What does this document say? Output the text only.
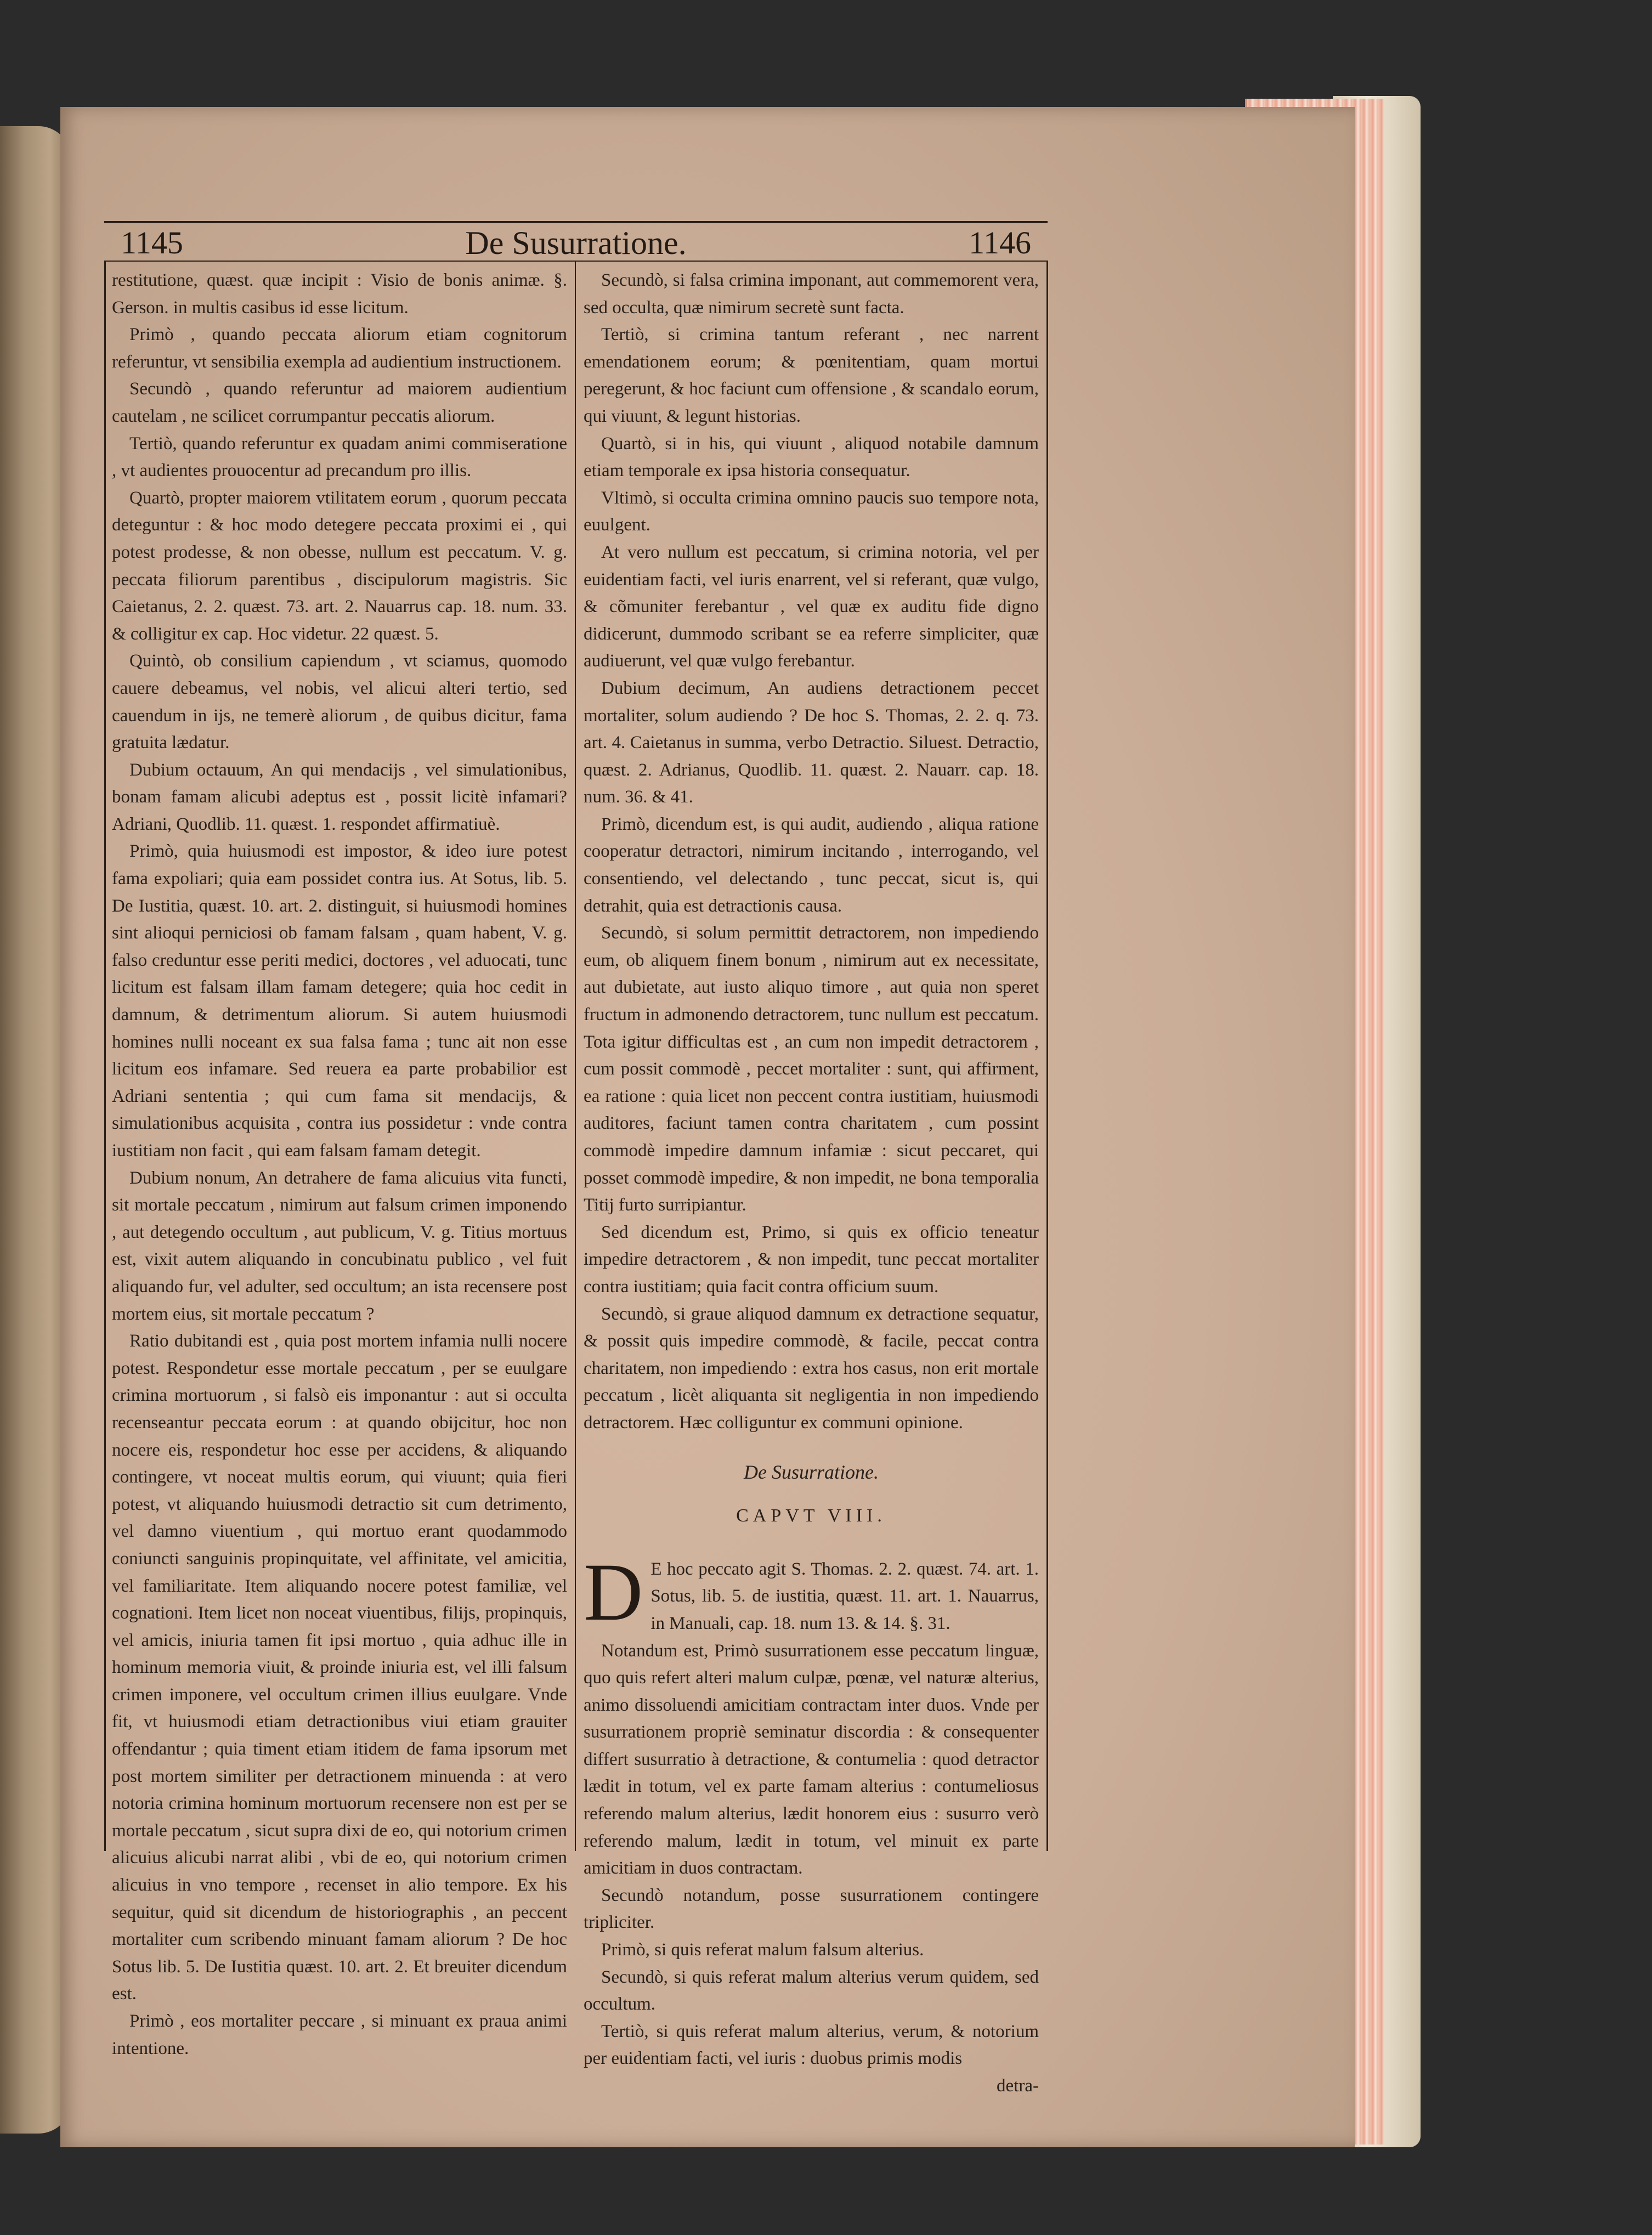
1145	De Susurratione.	1146

restitutione, quæst. quæ incipit : Visio de bonis animæ. §. Gerson. in multis casibus id esse licitum.

Primò , quando peccata aliorum etiam cognitorum referuntur, vt sensibilia exempla ad audientium instructionem.

Secundò , quando referuntur ad maiorem audientium cautelam , ne scilicet corrumpantur peccatis aliorum.

Tertiò, quando referuntur ex quadam animi commiseratione , vt audientes prouocentur ad precandum pro illis.

Quartò, propter maiorem vtilitatem eorum , quorum peccata deteguntur : & hoc modo detegere peccata proximi ei , qui potest prodesse, & non obesse, nullum est peccatum. V. g. peccata filiorum parentibus , discipulorum magistris. Sic Caietanus, 2. 2. quæst. 73. art. 2. Nauarrus cap. 18. num. 33. & colligitur ex cap. Hoc videtur. 22 quæst. 5.

Quintò, ob consilium capiendum , vt sciamus, quomodo cauere debeamus, vel nobis, vel alicui alteri tertio, sed cauendum in ijs, ne temerè aliorum , de quibus dicitur, fama gratuita lædatur.

Dubium octauum, An qui mendacijs , vel simulationibus, bonam famam alicubi adeptus est , possit licitè infamari? Adriani, Quodlib. 11. quæst. 1. respondet affirmatiuè.

Primò, quia huiusmodi est impostor, & ideo iure potest fama expoliari; quia eam possidet contra ius. At Sotus, lib. 5. De Iustitia, quæst. 10. art. 2. distinguit, si huiusmodi homines sint alioqui perniciosi ob famam falsam , quam habent, V. g. falso creduntur esse periti medici, doctores , vel aduocati, tunc licitum est falsam illam famam detegere; quia hoc cedit in damnum, & detrimentum aliorum. Si autem huiusmodi homines nulli noceant ex sua falsa fama ; tunc ait non esse licitum eos infamare. Sed reuera ea parte probabilior est Adriani sententia ; qui cum fama sit mendacijs, & simulationibus acquisita , contra ius possidetur : vnde contra iustitiam non facit , qui eam falsam famam detegit.

Dubium nonum, An detrahere de fama alicuius vita functi, sit mortale peccatum , nimirum aut falsum crimen imponendo , aut detegendo occultum , aut publicum, V. g. Titius mortuus est, vixit autem aliquando in concubinatu publico , vel fuit aliquando fur, vel adulter, sed occultum; an ista recensere post mortem eius, sit mortale peccatum ?

Ratio dubitandi est , quia post mortem infamia nulli nocere potest. Respondetur esse mortale peccatum , per se euulgare crimina mortuorum , si falsò eis imponantur : aut si occulta recenseantur peccata eorum : at quando obijcitur, hoc non nocere eis, respondetur hoc esse per accidens, & aliquando contingere, vt noceat multis eorum, qui viuunt; quia fieri potest, vt aliquando huiusmodi detractio sit cum detrimento, vel damno viuentium , qui mortuo erant quodammodo coniuncti sanguinis propinquitate, vel affinitate, vel amicitia, vel familiaritate. Item aliquando nocere potest familiæ, vel cognationi. Item licet non noceat viuentibus, filijs, propinquis, vel amicis, iniuria tamen fit ipsi mortuo , quia adhuc ille in hominum memoria viuit, & proinde iniuria est, vel illi falsum crimen imponere, vel occultum crimen illius euulgare. Vnde fit, vt huiusmodi etiam detractionibus viui etiam grauiter offendantur ; quia timent etiam itidem de fama ipsorum met post mortem similiter per detractionem minuenda : at vero notoria crimina hominum mortuorum recensere non est per se mortale peccatum , sicut supra dixi de eo, qui notorium crimen alicuius alicubi narrat alibi , vbi de eo, qui notorium crimen alicuius in vno tempore , recenset in alio tempore. Ex his sequitur, quid sit dicendum de historiographis , an peccent mortaliter cum scribendo minuant famam aliorum ? De hoc Sotus lib. 5. De Iustitia quæst. 10. art. 2. Et breuiter dicendum est.

Primò , eos mortaliter peccare , si minuant ex praua animi intentione.

Secundò, si falsa crimina imponant, aut commemorent vera, sed occulta, quæ nimirum secretè sunt facta.

Tertiò, si crimina tantum referant , nec narrent emendationem eorum; & pœnitentiam, quam mortui peregerunt, & hoc faciunt cum offensione , & scandalo eorum, qui viuunt, & legunt historias.

Quartò, si in his, qui viuunt , aliquod notabile damnum etiam temporale ex ipsa historia consequatur.

Vltimò, si occulta crimina omnino paucis suo tempore nota, euulgent.

At vero nullum est peccatum, si crimina notoria, vel per euidentiam facti, vel iuris enarrent, vel si referant, quæ vulgo, & cõmuniter ferebantur , vel quæ ex auditu fide digno didicerunt, dummodo scribant se ea referre simpliciter, quæ audiuerunt, vel quæ vulgo ferebantur.

Dubium decimum, An audiens detractionem peccet mortaliter, solum audiendo ? De hoc S. Thomas, 2. 2. q. 73. art. 4. Caietanus in summa, verbo Detractio. Siluest. Detractio, quæst. 2. Adrianus, Quodlib. 11. quæst. 2. Nauarr. cap. 18. num. 36. & 41.

Primò, dicendum est, is qui audit, audiendo , aliqua ratione cooperatur detractori, nimirum incitando , interrogando, vel consentiendo, vel delectando , tunc peccat, sicut is, qui detrahit, quia est detractionis causa.

Secundò, si solum permittit detractorem, non impediendo eum, ob aliquem finem bonum , nimirum aut ex necessitate, aut dubietate, aut iusto aliquo timore , aut quia non speret fructum in admonendo detractorem, tunc nullum est peccatum. Tota igitur difficultas est , an cum non impedit detractorem , cum possit commodè , peccet mortaliter : sunt, qui affirment, ea ratione : quia licet non peccent contra iustitiam, huiusmodi auditores, faciunt tamen contra charitatem , cum possint commodè impedire damnum infamiæ : sicut peccaret, qui posset commodè impedire, & non impedit, ne bona temporalia Titij furto surripiantur.

Sed dicendum est, Primo, si quis ex officio teneatur impedire detractorem , & non impedit, tunc peccat mortaliter contra iustitiam; quia facit contra officium suum.

Secundò, si graue aliquod damnum ex detractione sequatur, & possit quis impedire commodè, & facile, peccat contra charitatem, non impediendo : extra hos casus, non erit mortale peccatum , licèt aliquanta sit negligentia in non impediendo detractorem. Hæc colliguntur ex communi opinione.

De Susurratione.
CAPVT VIII.

D E hoc peccato agit S. Thomas. 2. 2. quæst. 74. art. 1. Sotus, lib. 5. de iustitia, quæst. 11. art. 1. Nauarrus, in Manuali, cap. 18. num 13. & 14. §. 31.

Notandum est, Primò susurrationem esse peccatum linguæ, quo quis refert alteri malum culpæ, pœnæ, vel naturæ alterius, animo dissoluendi amicitiam contractam inter duos. Vnde per susurrationem propriè seminatur discordia : & consequenter differt susurratio à detractione, & contumelia : quod detractor lædit in totum, vel ex parte famam alterius : contumeliosus referendo malum alterius, lædit honorem eius : susurro verò referendo malum, lædit in totum, vel minuit ex parte amicitiam in duos contractam.

Secundò notandum, posse susurrationem contingere tripliciter.

Primò, si quis referat malum falsum alterius.

Secundò, si quis referat malum alterius verum quidem, sed occultum.

Tertiò, si quis referat malum alterius, verum, & notorium per euidentiam facti, vel iuris : duobus primis modis

detra-
